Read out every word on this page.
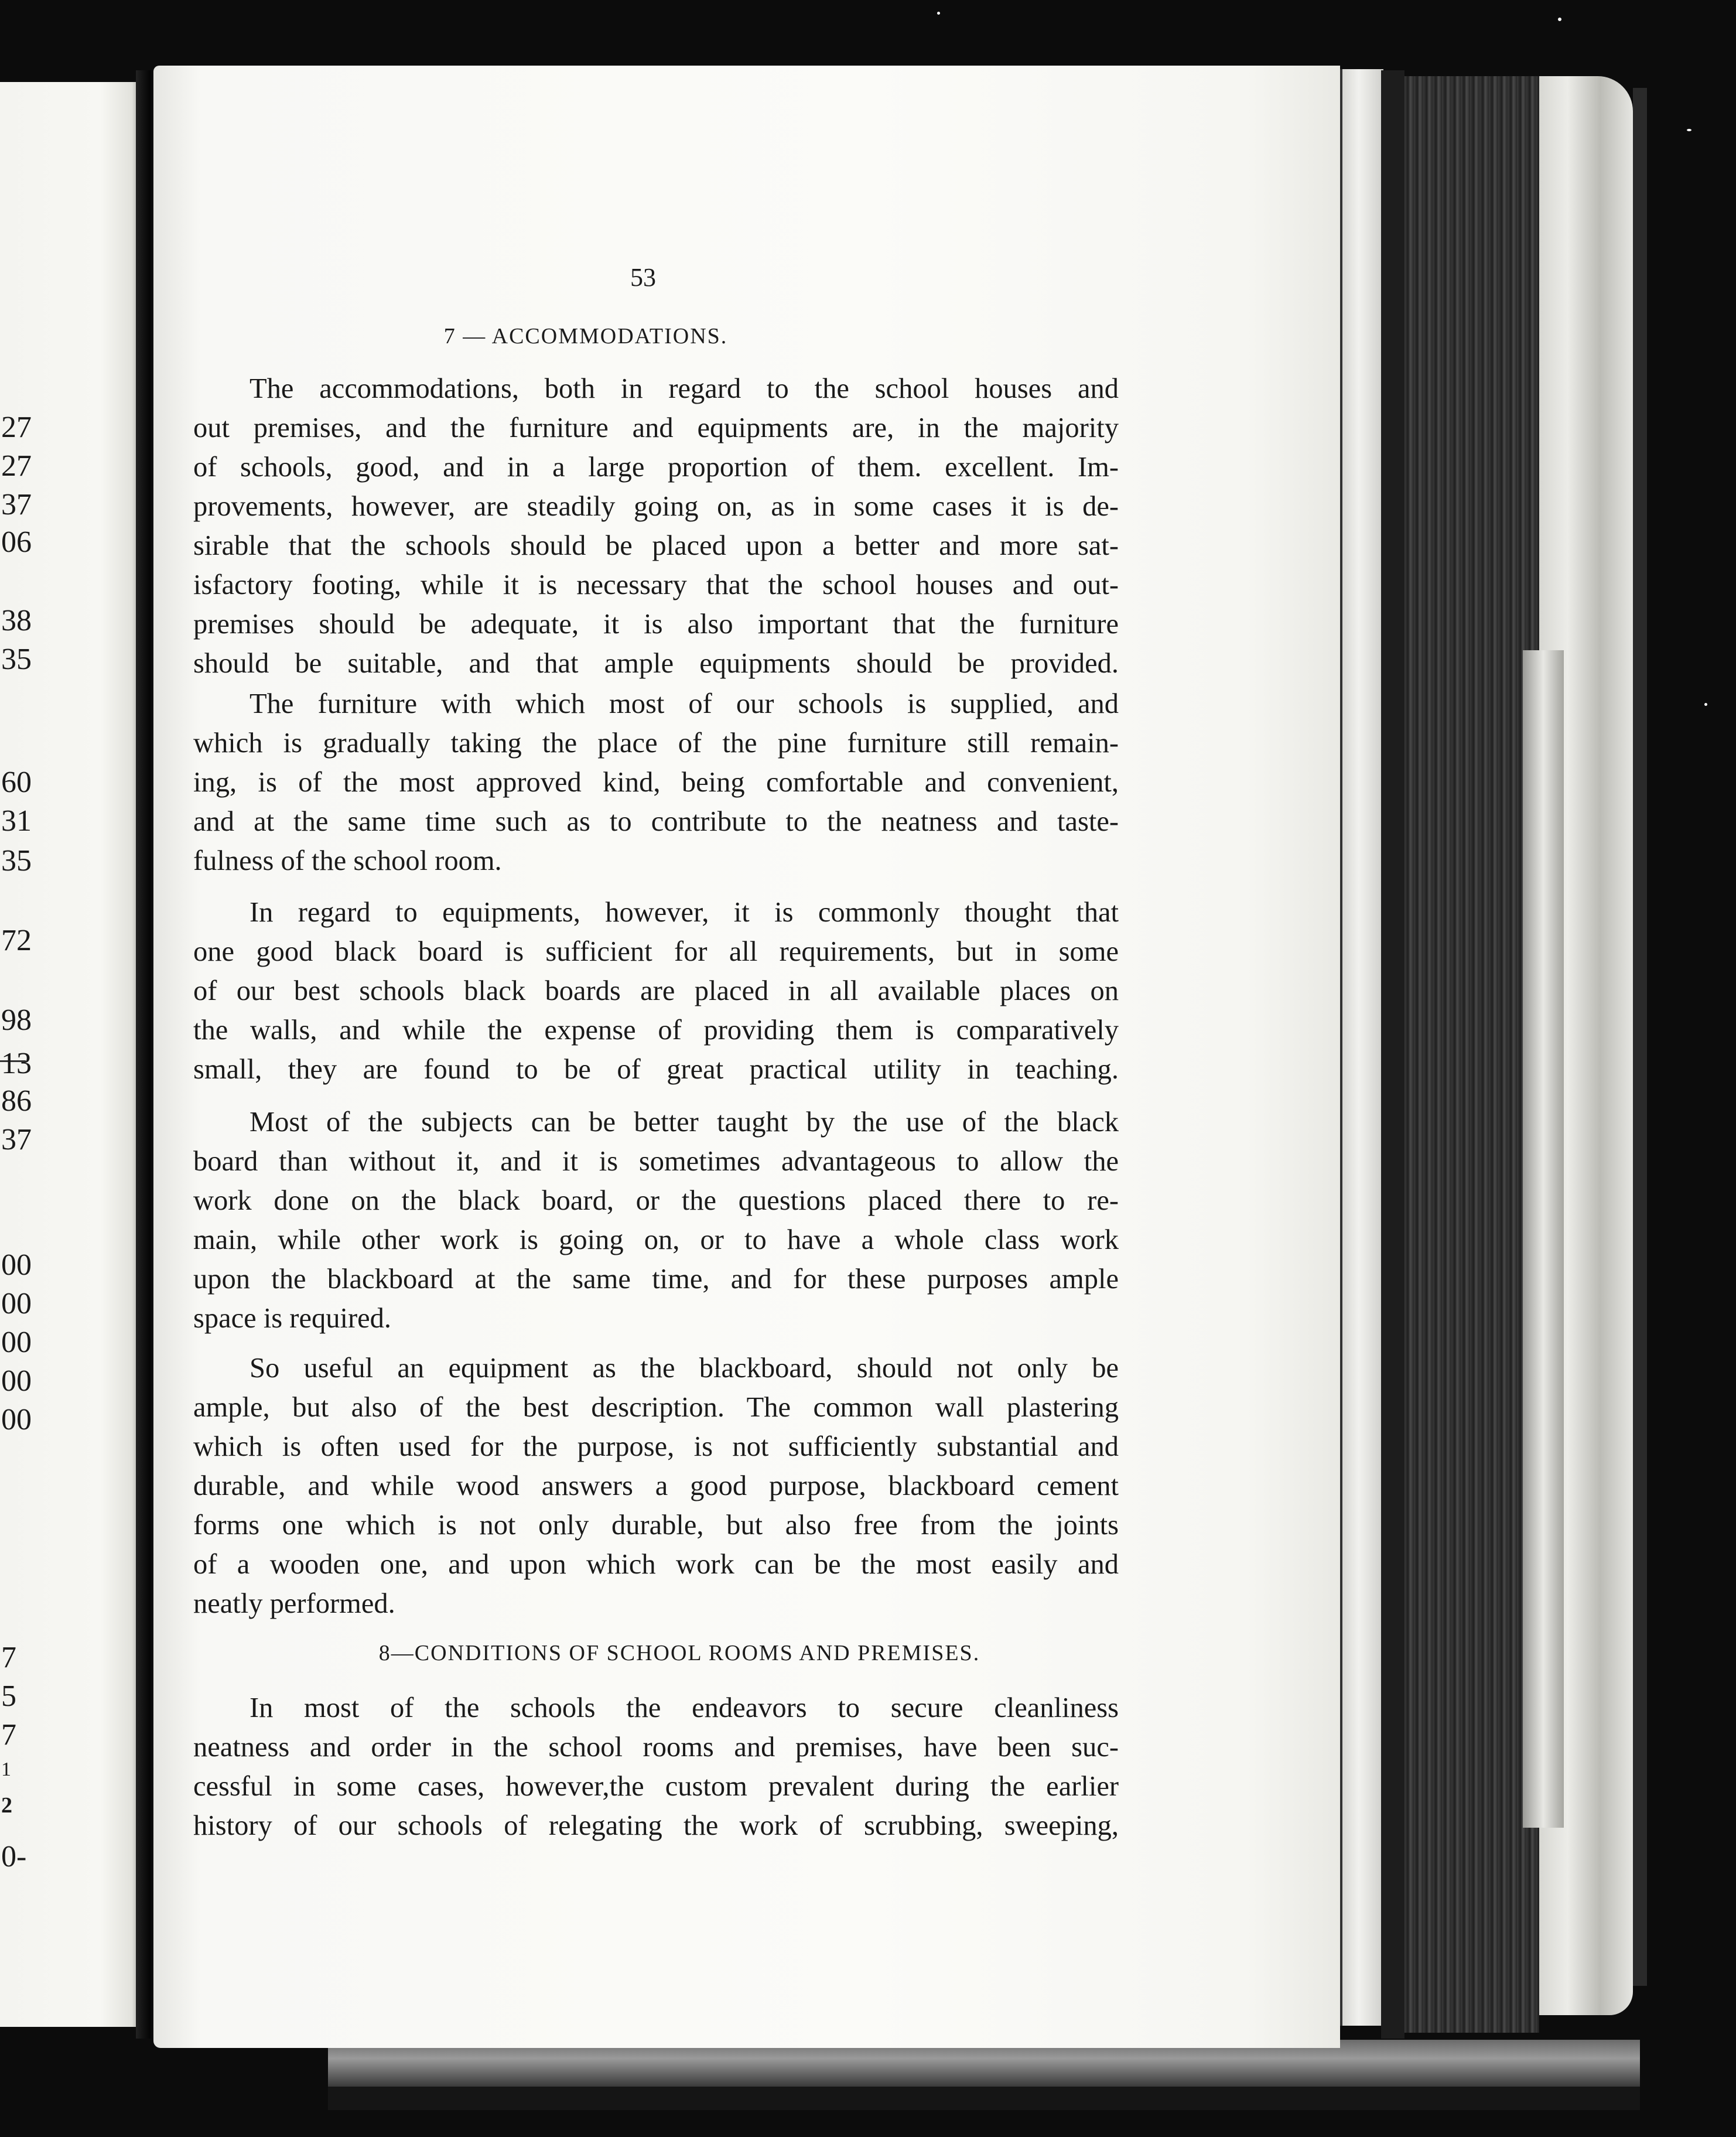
27
27
37
06
38
35
60
31
35
72
98
13
86
37
00
00
00
00
00
7
5
7
1
2
0-
53
7 — ACCOMMODATIONS.
The accommodations, both in regard to the school houses and
out premises, and the furniture and equipments are, in the majority
of schools, good, and in a large proportion of them. excellent. Im-
provements, however, are steadily going on, as in some cases it is de-
sirable that the schools should be placed upon a better and more sat-
isfactory footing, while it is necessary that the school houses and out-
premises should be adequate, it is also important that the furniture
should be suitable, and that ample equipments should be provided.
The furniture with which most of our schools is supplied, and
which is gradually taking the place of the pine furniture still remain-
ing, is of the most approved kind, being comfortable and convenient,
and at the same time such as to contribute to the neatness and taste-
fulness of the school room.
In regard to equipments, however, it is commonly thought that
one good black board is sufficient for all requirements, but in some
of our best schools black boards are placed in all available places on
the walls, and while the expense of providing them is comparatively
small, they are found to be of great practical utility in teaching.
Most of the subjects can be better taught by the use of the black
board than without it, and it is sometimes advantageous to allow the
work done on the black board, or the questions placed there to re-
main, while other work is going on, or to have a whole class work
upon the blackboard at the same time, and for these purposes ample
space is required.
So useful an equipment as the blackboard, should not only be
ample, but also of the best description. The common wall plastering
which is often used for the purpose, is not sufficiently substantial and
durable, and while wood answers a good purpose, blackboard cement
forms one which is not only durable, but also free from the joints
of a wooden one, and upon which work can be the most easily and
neatly performed.
8—CONDITIONS OF SCHOOL ROOMS AND PREMISES.
In most of the schools the endeavors to secure cleanliness
neatness and order in the school rooms and premises, have been suc-
cessful in some cases, however,the custom prevalent during the earlier
history of our schools of relegating the work of scrubbing, sweeping,
